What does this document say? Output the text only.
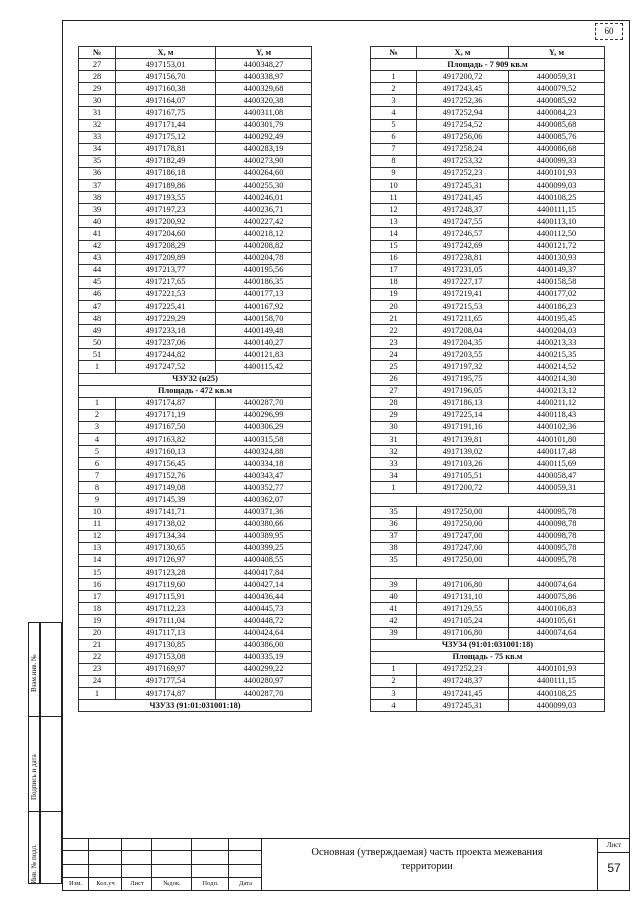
60
Инв. № подл.
Подпись и дата
Взам.инв. №
№	X, м	Y, м
27	4917153,01	4400348,27
28	4917156,70	4400338,97
29	4917160,38	4400329,68
30	4917164,07	4400320,38
31	4917167,75	4400311,08
32	4917171,44	4400301,79
33	4917175,12	4400292,49
34	4917178,81	4400283,19
35	4917182,49	4400273,90
36	4917186,18	4400264,60
37	4917189,86	4400255,30
38	4917193,55	4400246,01
39	4917197,23	4400236,71
40	4917200,92	4400227,42
41	4917204,60	4400218,12
42	4917208,29	4400208,82
43	4917209,89	4400204,78
44	4917213,77	4400195,56
45	4917217,65	4400186,35
46	4917221,53	4400177,13
47	4917225,41	4400167,92
48	4917229,29	4400158,70
49	4917233,18	4400149,48
50	4917237,06	4400140,27
51	4917244,82	4400121,83
1	4917247,52	4400115,42
ЧЗУ32 (н25)		
Площадь - 472 кв.м		
1	4917174,87	4400287,70
2	4917171,19	4400296,99
3	4917167,50	4400306,29
4	4917163,82	4400315,58
5	4917160,13	4400324,88
6	4917156,45	4400334,18
7	4917152,76	4400343,47
8	4917149,08	4400352,77
9	4917145,39	4400362,07
10	4917141,71	4400371,36
11	4917138,02	4400380,66
12	4917134,34	4400389,95
13	4917130,65	4400399,25
14	4917126,97	4400408,55
15	4917123,28	4400417,84
16	4917119,60	4400427,14
17	4917115,91	4400436,44
18	4917112,23	4400445,73
19	4917111,04	4400448,72
20	4917117,13	4400424,64
21	4917130,85	4400386,00
22	4917153,08	4400335,19
23	4917169,97	4400299,22
24	4917177,54	4400280,97
1	4917174,87	4400287,70
ЧЗУ33 (91:01:031001:18)		
№	X, м	Y, м
Площадь - 7 909 кв.м		
1	4917200,72	4400059,31
2	4917243,45	4400079,52
3	4917252,36	4400085,92
4	4917252,94	4400084,23
5	4917254,52	4400085,68
6	4917256,06	4400085,76
7	4917258,24	4400086,68
8	4917253,32	4400099,33
9	4917252,23	4400101,93
10	4917245,31	4400099,03
11	4917241,45	4400108,25
12	4917248,37	4400111,15
13	4917247,55	4400113,10
14	4917246,57	4400112,50
15	4917242,69	4400121,72
16	4917238,81	4400130,93
17	4917231,05	4400149,37
18	4917227,17	4400158,58
19	4917219,41	4400177,02
20	4917215,53	4400186,23
21	4917211,65	4400195,45
22	4917208,04	4400204,03
23	4917204,35	4400213,33
24	4917203,55	4400215,35
25	4917197,32	4400214,52
26	4917195,75	4400214,30
27	4917196,05	4400213,12
28	4917186,13	4400211,12
29	4917225,14	4400118,43
30	4917191,16	4400102,36
31	4917139,81	4400101,80
32	4917139,02	4400117,48
33	4917103,26	4400115,69
34	4917105,51	4400058,47
1	4917200,72	4400059,31

35	4917250,00	4400095,78
36	4917250,00	4400098,78
37	4917247,00	4400098,78
38	4917247,00	4400095,78
35	4917250,00	4400095,78

39	4917106,80	4400074,64
40	4917131,10	4400075,86
41	4917129,55	4400106,83
42	4917105,24	4400105,61
39	4917106,80	4400074,64
ЧЗУ34 (91:01:031001:18)		
Площадь - 75 кв.м		
1	4917252,23	4400101,93
2	4917248,37	4400111,15
3	4917241,45	4400108,25
4	4917245,31	4400099,03
Изм.	Кол.уч	Лист	№док.	Подп.	Дата
Основная (утверждаемая) часть проекта межевания
территории
Лист
57
